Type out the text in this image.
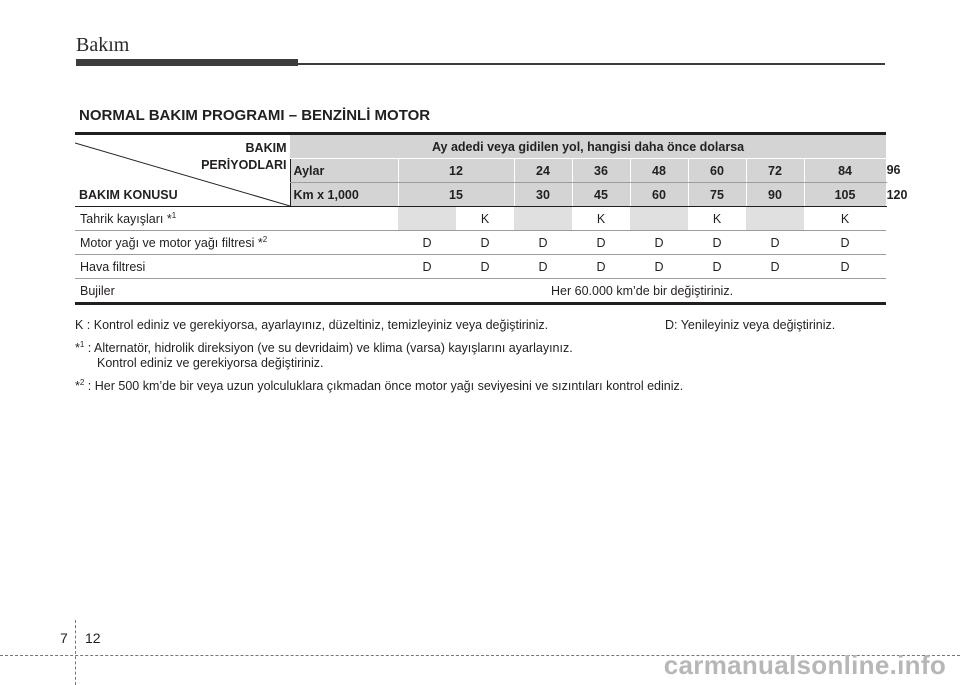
Bakım
NORMAL BAKIM PROGRAMI – BENZİNLİ MOTOR
BAKIM
PERİYODLARI
BAKIM KONUSU	Ay adedi veya gidilen yol, hangisi daha önce dolarsa									
	Aylar	12		24	36	48	60	72	84	96
	Km x 1,000	15		30	45	60	75	90	105	120
Tahrik kayışları *$^1$			K		K		K		K	
Motor yağı ve motor yağı filtresi *$^2$		D	D	D	D	D	D	D	D	
Hava filtresi		D	D	D	D	D	D	D	D	
Bujiler		Her 60.000 km’de bir değiştiriniz.								
K : Kontrol ediniz ve gerekiyorsa, ayarlayınız, düzeltiniz, temizleyiniz veya değiştiriniz.	D: Yenileyiniz veya değiştiriniz.
*$^1$ : Alternatör, hidrolik direksiyon (ve su devridaim) ve klima (varsa) kayışlarını ayarlayınız.
Kontrol ediniz ve gerekiyorsa değiştiriniz.
*$^2$ : Her 500 km’de bir veya uzun yolculuklara çıkmadan önce motor yağı seviyesini ve sızıntıları kontrol ediniz.
7 12
carmanualsonline.info
